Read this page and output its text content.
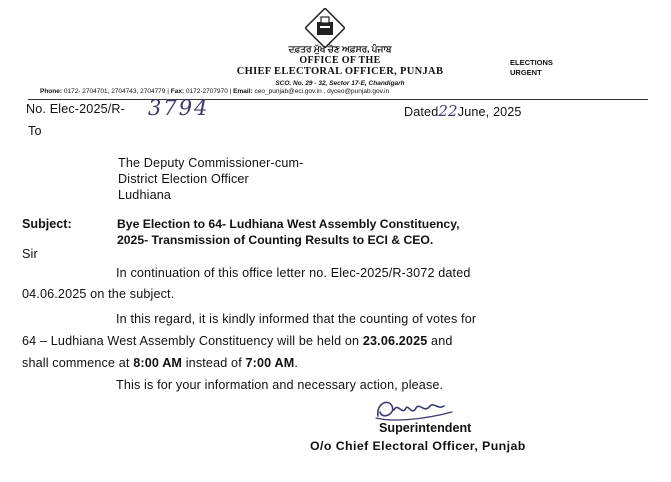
ਦਫ਼ਤਰ ਮੁੱਖ ਚੋਣ ਅਫ਼ਸਰ, ਪੰਜਾਬ
OFFICE OF THE
CHIEF ELECTORAL OFFICER, PUNJAB
SCO. No. 29 - 32, Sector 17-E, Chandigarh
Phone: 0172- 2704701, 2704743, 2704779 | Fax: 0172-2707970 | Email: ceo_punjab@eci.gov.in , dyceo@punjab.gov.in
ELECTIONS
URGENT
No. Elec-2025/R- 3794	Dated22June, 2025
To
The Deputy Commissioner-cum-
District Election Officer
Ludhiana
Subject:	Bye Election to 64- Ludhiana West Assembly Constituency,
2025- Transmission of Counting Results to ECI & CEO.
Sir
In continuation of this office letter no. Elec-2025/R-3072 dated
04.06.2025 on the subject.
In this regard, it is kindly informed that the counting of votes for
64 – Ludhiana West Assembly Constituency will be held on 23.06.2025 and
shall commence at 8:00 AM instead of 7:00 AM.
This is for your information and necessary action, please.
Superintendent
O/o Chief Electoral Officer, Punjab
